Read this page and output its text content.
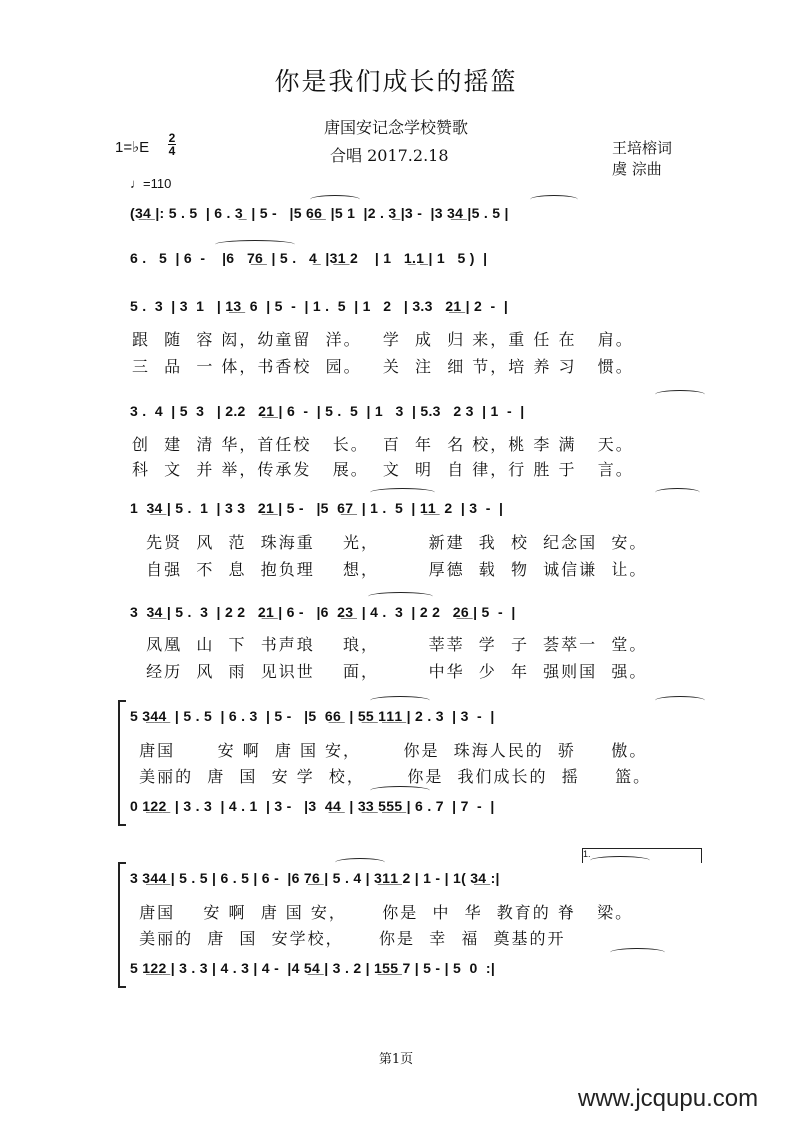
你是我们成长的摇篮
唐国安记念学校赞歌
合唱 2017.2.18	王培榕词
虞 淙曲
1=♭E
2
4
♩=110
(3̲4̲ |: 5 . 5  | 6 . 3̲  | 5 -   |5 6̲6̲  |5 1  |2 . 3̲ |3 -  |3 3̲4̲ |5 . 5 |
6 .   5  | 6  -    |6   7̲6̲  | 5 .   4̲  |3̲1̲ 2    | 1   1̲.1̲ | 1   5 )  |
5 .  3  | 3  1   | 1̲3̲  6  | 5  -  | 1 .  5  | 1   2   | 3.3   2̲1̲ | 2  -  |
跟  随  容 闳，幼童留  洋。   学  成  归 来，重 任 在   肩。
三  品  一 体，书香校  园。   关  注  细 节，培 养 习   惯。
3 .  4  | 5  3   | 2.2   2̲1̲ | 6  -  | 5 .  5  | 1   3  | 5.3   2 3  | 1  -  |
创  建  清 华，首任校   长。  百  年  名 校，桃 李 满   天。
科  文  并 举，传承发   展。  文  明  自 律，行 胜 于   言。
1  3̲4̲ | 5 .  1  | 3 3   2̲1̲ | 5 -   |5  6̲7̲  | 1 .  5  | 1̲1̲  2  | 3  -  |
先贤  风  范  珠海重    光，       新建  我  校  纪念国  安。
自强  不  息  抱负理    想，       厚德  载  物  诚信谦  让。
3  3̲4̲ | 5 .  3  | 2 2   2̲1̲ | 6 -   |6  2̲3̲  | 4 .  3  | 2 2   2̲6̲ | 5  -  |
凤凰  山  下  书声琅    琅，       莘莘  学  子  荟萃一  堂。
经历  风  雨  见识世    面，       中华  少  年  强则国  强。
5 3̲4̲4̲  | 5 . 5  | 6 . 3  | 5 -   |5  6̲6̲  | 5̲5̲ 1̲1̲1̲ | 2 . 3  | 3  -  |
唐国      安 啊  唐 国 安，      你是  珠海人民的  骄     傲。
美丽的  唐  国  安 学  校，      你是  我们成长的  摇     篮。
0 1̲2̲2̲  | 3 . 3  | 4 . 1  | 3 -   |3  4̲4̲  | 3̲3̲ 5̲5̲5̲ | 6 . 7  | 7  -  |
1.
3 3̲4̲4̲ | 5 . 5 | 6 . 5 | 6 -  |6 7̲6̲ | 5 . 4 | 3̲1̲1̲ 2 | 1 - | 1( 3̲4̲ :|
唐国    安 啊  唐 国 安，     你是  中  华  教育的 脊   梁。
美丽的  唐  国  安学校，     你是  幸  福  奠基的开
5 1̲2̲2̲ | 3 . 3 | 4 . 3 | 4 -  |4 5̲4̲ | 3 . 2 | 1̲5̲5̲ 7 | 5 - | 5  0  :|
第1页
www.jcqupu.com
